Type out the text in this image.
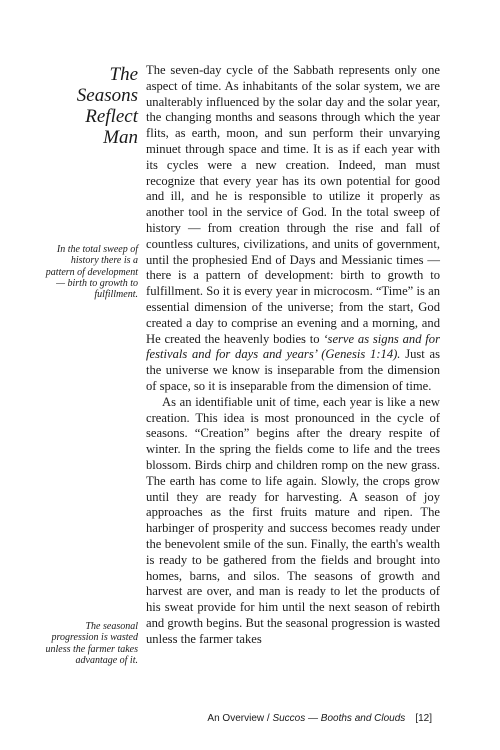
The
Seasons
Reflect
Man
In the total sweep of history there is a pattern of development — birth to growth to fulfillment.
The seasonal progression is wasted unless the farmer takes advantage of it.

The seven-day cycle of the Sabbath represents only one aspect of time. As inhabitants of the solar system, we are unalterably influenced by the solar day and the solar year, the changing months and seasons through which the year flits, as earth, moon, and sun perform their unvarying minuet through space and time. It is as if each year with its cycles were a new creation. Indeed, man must recognize that every year has its own potential for good and ill, and he is responsible to utilize it properly as another tool in the service of God. In the total sweep of history — from creation through the rise and fall of countless cultures, civilizations, and units of government, until the prophesied End of Days and Messianic times — there is a pattern of development: birth to growth to fulfillment. So it is every year in microcosm. “Time” is an essential dimension of the universe; from the start, God created a day to comprise an evening and a morning, and He created the heavenly bodies to ‘serve as signs and for festivals and for days and years’ (Genesis 1:14). Just as the universe we know is inseparable from the dimension of space, so it is inseparable from the dimension of time.

As an identifiable unit of time, each year is like a new creation. This idea is most pronounced in the cycle of seasons. “Creation” begins after the dreary respite of winter. In the spring the fields come to life and the trees blossom. Birds chirp and children romp on the new grass. The earth has come to life again. Slowly, the crops grow until they are ready for harvesting. A season of joy approaches as the first fruits mature and ripen. The harbinger of prosperity and success becomes ready under the benevolent smile of the sun. Finally, the earth's wealth is ready to be gathered from the fields and brought into homes, barns, and silos. The seasons of growth and harvest are over, and man is ready to let the products of his sweat provide for him until the next season of rebirth and growth begins. But the seasonal progression is wasted unless the farmer takes

An Overview / Succos — Booths and Clouds [12]
